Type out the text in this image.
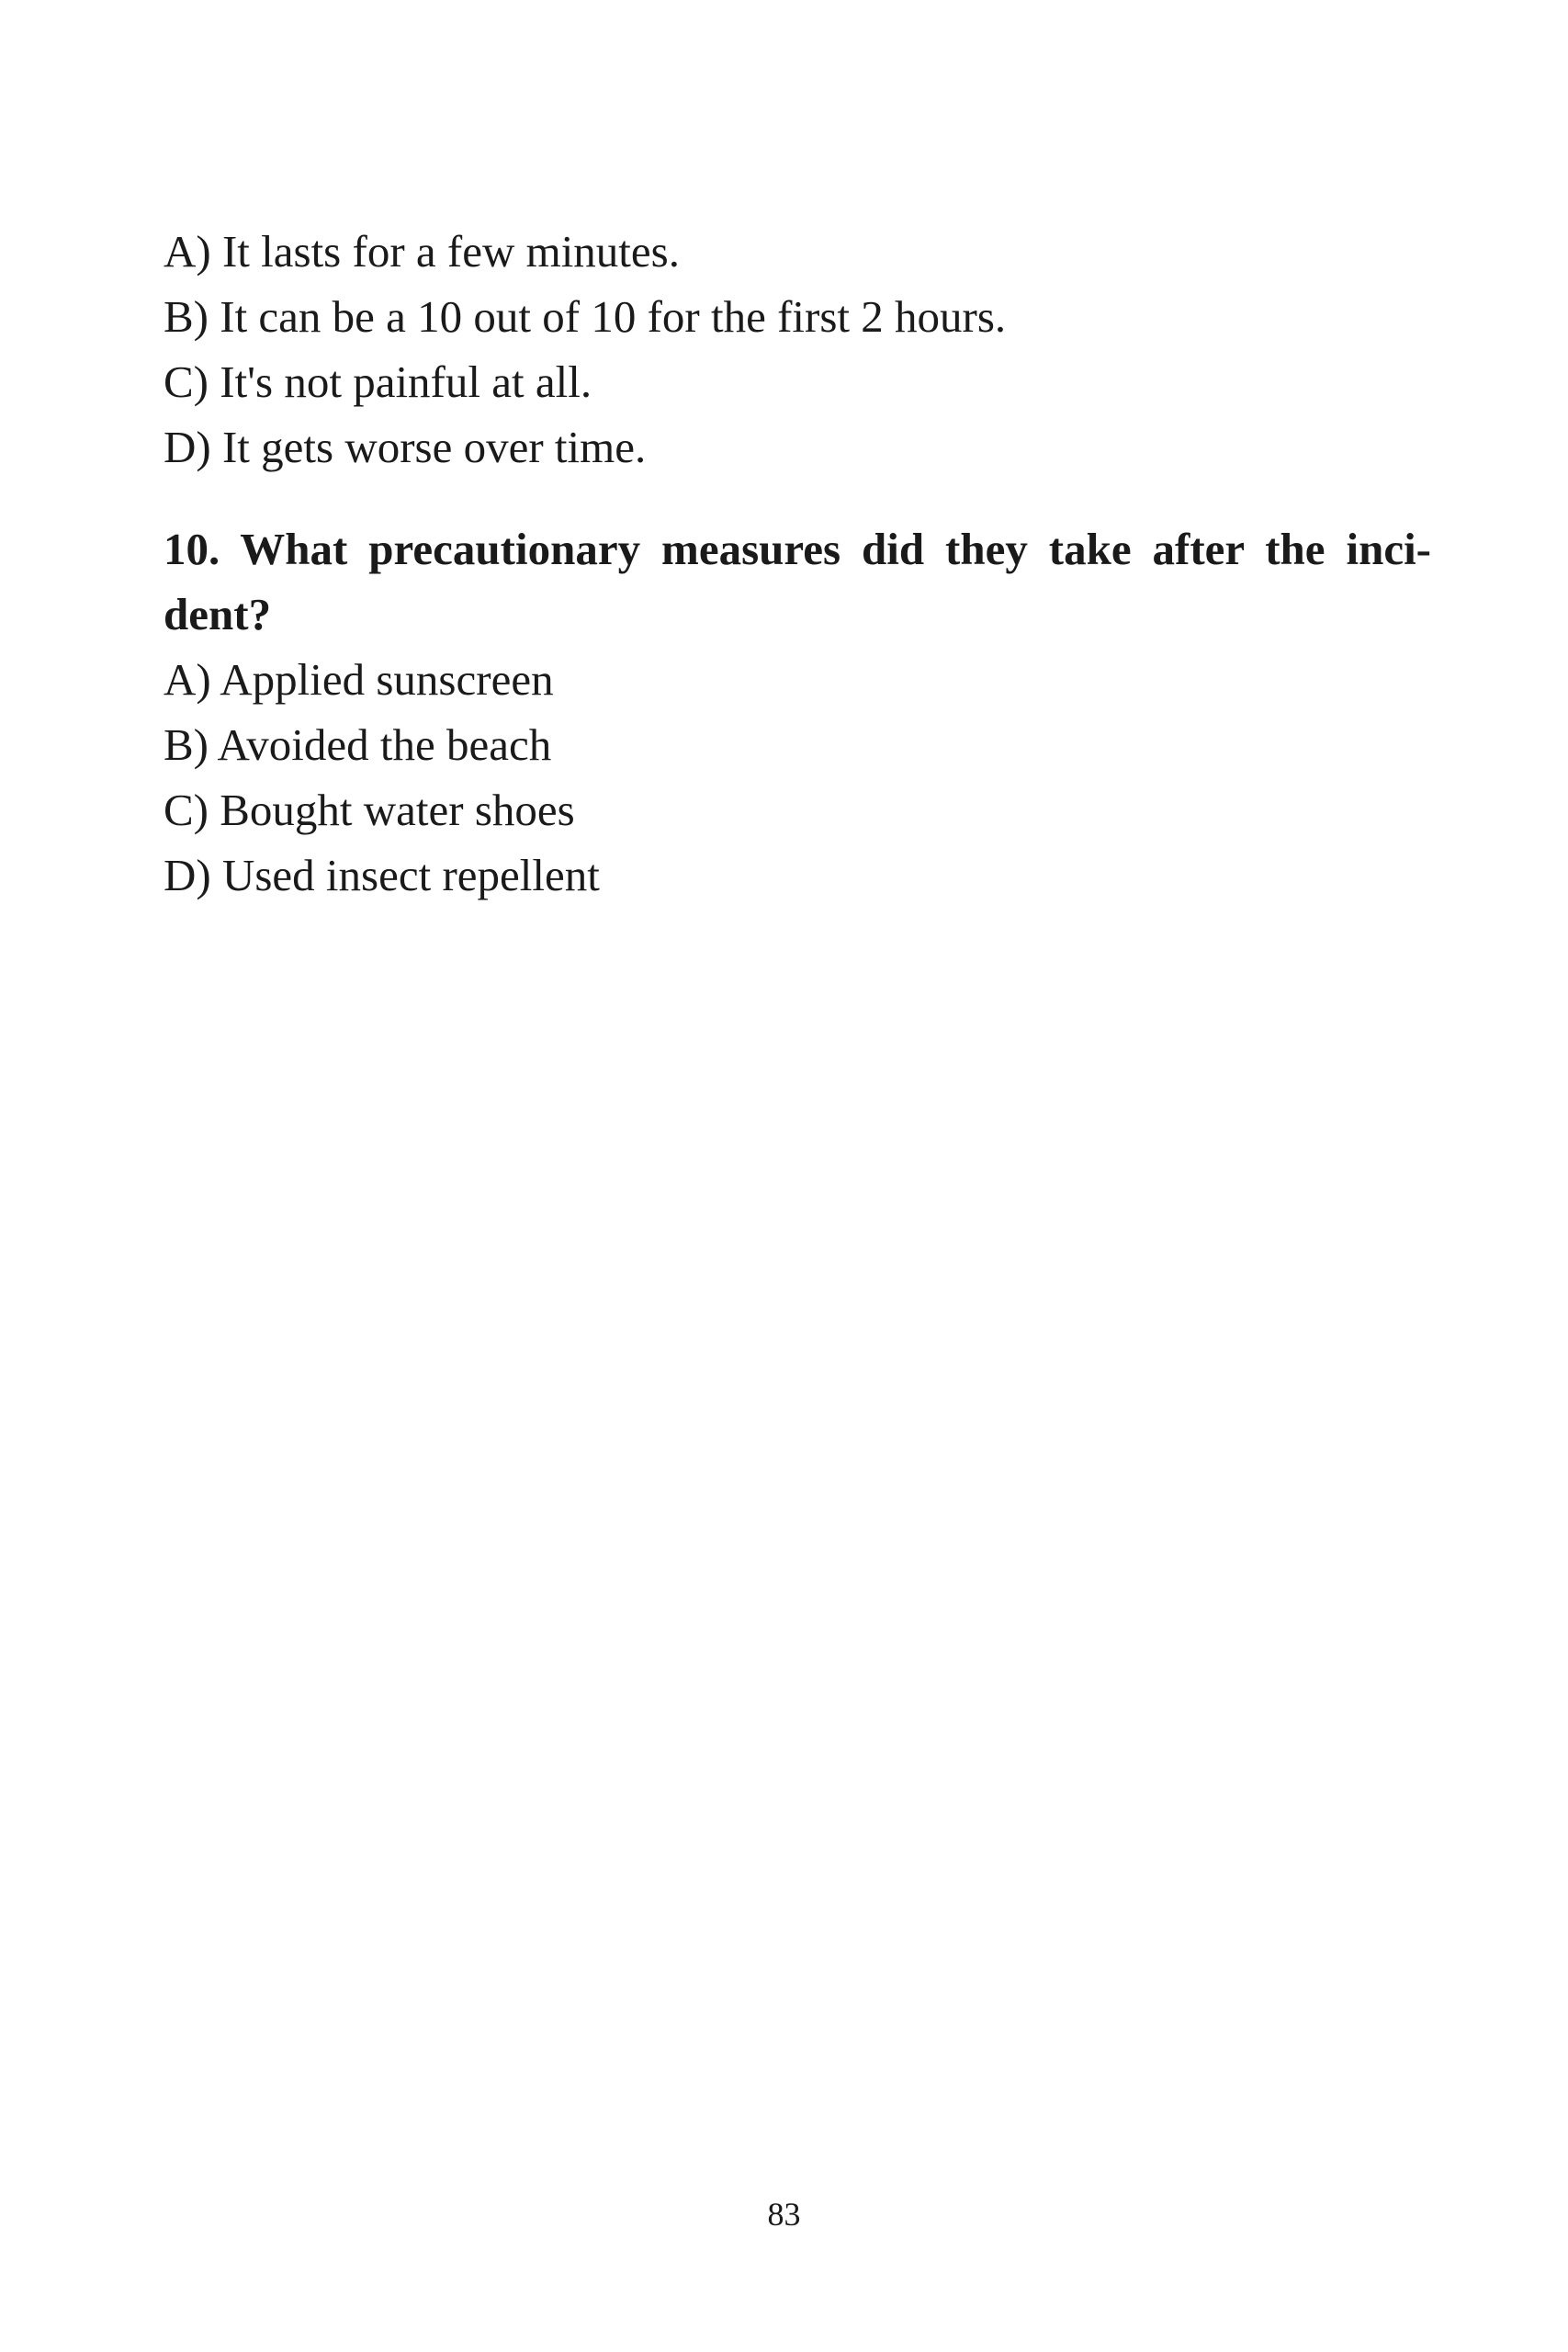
A) It lasts for a few minutes.

B) It can be a 10 out of 10 for the first 2 hours.

C) It's not painful at all.

D) It gets worse over time.

10. What precautionary measures did they take after the inci-dent?

A) Applied sunscreen

B) Avoided the beach

C) Bought water shoes

D) Used insect repellent

83
